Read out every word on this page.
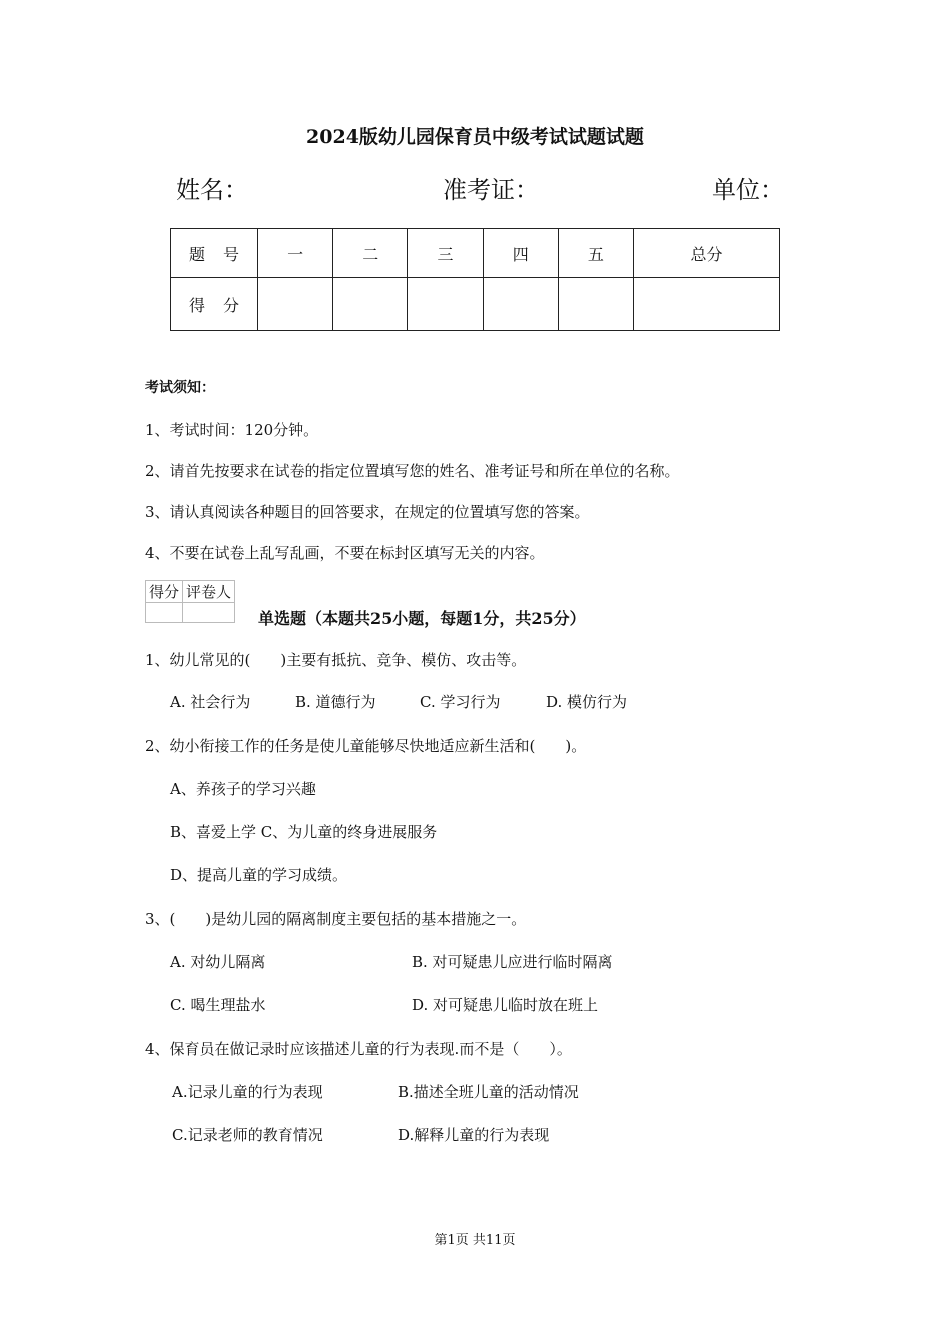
2024版幼儿园保育员中级考试试题试题
姓名：	准考证：	单位：
题号	一	二	三	四	五	总分
得分						
考试须知：
1、考试时间：120分钟。
2、请首先按要求在试卷的指定位置填写您的姓名、准考证号和所在单位的名称。
3、请认真阅读各种题目的回答要求，在规定的位置填写您的答案。
4、不要在试卷上乱写乱画，不要在标封区填写无关的内容。
得分	评卷人

单选题（本题共25小题，每题1分，共25分）
1、幼儿常见的(　　)主要有抵抗、竞争、模仿、攻击等。
A. 社会行为	B. 道德行为	C. 学习行为	D. 模仿行为
2、幼小衔接工作的任务是使儿童能够尽快地适应新生活和(　　)。
A、养孩子的学习兴趣
B、喜爱上学 C、为儿童的终身进展服务
D、提高儿童的学习成绩。
3、(　　)是幼儿园的隔离制度主要包括的基本措施之一。
A. 对幼儿隔离	B. 对可疑患儿应进行临时隔离
C. 喝生理盐水	D. 对可疑患儿临时放在班上
4、保育员在做记录时应该描述儿童的行为表现.而不是（　　）。
A.记录儿童的行为表现	B.描述全班儿童的活动情况
C.记录老师的教育情况	D.解释儿童的行为表现
第1页 共11页
